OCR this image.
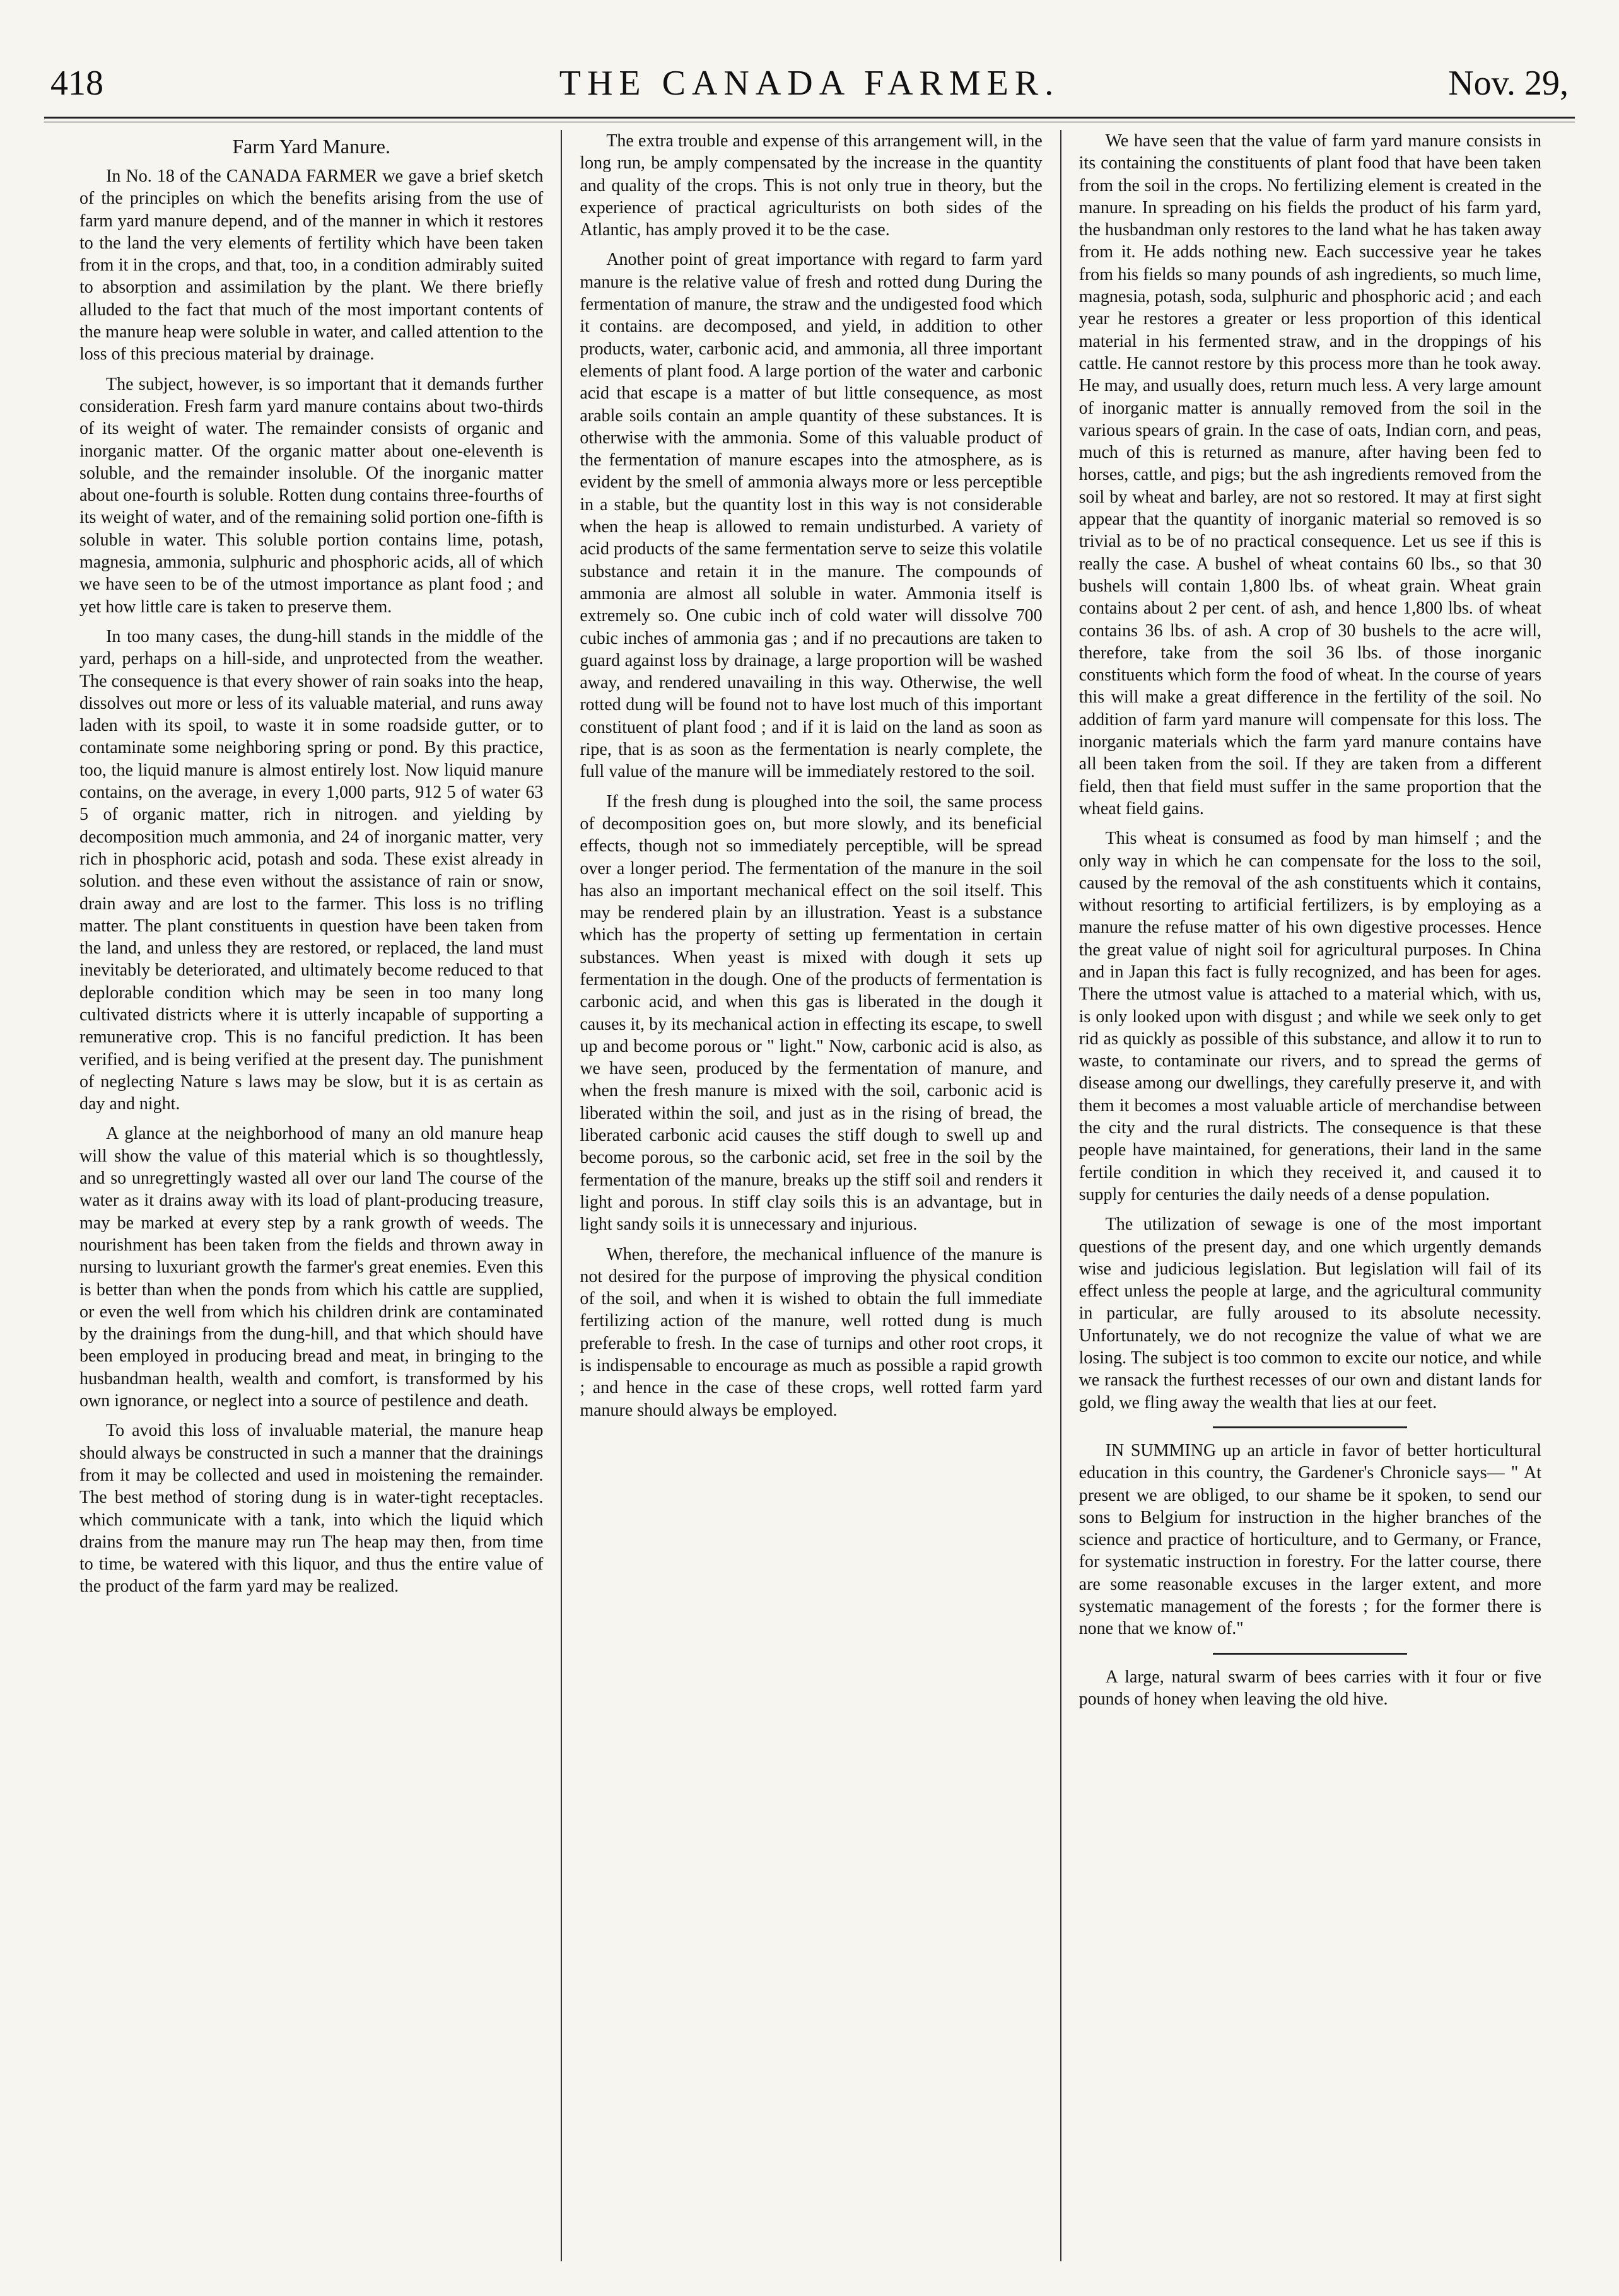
418	THE CANADA FARMER.	Nov. 29,
Farm Yard Manure.

In No. 18 of the CANADA FARMER we gave a brief sketch of the principles on which the benefits arising from the use of farm yard manure depend, and of the manner in which it restores to the land the very elements of fertility which have been taken from it in the crops, and that, too, in a condition admirably suited to absorption and assimilation by the plant. We there briefly alluded to the fact that much of the most important contents of the manure heap were soluble in water, and called attention to the loss of this precious material by drainage.

The subject, however, is so important that it demands further consideration. Fresh farm yard manure contains about two-thirds of its weight of water. The remainder consists of organic and inorganic matter. Of the organic matter about one-eleventh is soluble, and the remainder insoluble. Of the inorganic matter about one-fourth is soluble. Rotten dung contains three-fourths of its weight of water, and of the remaining solid portion one-fifth is soluble in water. This soluble portion contains lime, potash, magnesia, ammonia, sulphuric and phosphoric acids, all of which we have seen to be of the utmost importance as plant food ; and yet how little care is taken to preserve them.

In too many cases, the dung-hill stands in the middle of the yard, perhaps on a hill-side, and unprotected from the weather. The consequence is that every shower of rain soaks into the heap, dissolves out more or less of its valuable material, and runs away laden with its spoil, to waste it in some roadside gutter, or to contaminate some neighboring spring or pond. By this practice, too, the liquid manure is almost entirely lost. Now liquid manure contains, on the average, in every 1,000 parts, 912 5 of water 63 5 of organic matter, rich in nitrogen. and yielding by decomposition much ammonia, and 24 of inorganic matter, very rich in phosphoric acid, potash and soda. These exist already in solution. and these even without the assistance of rain or snow, drain away and are lost to the farmer. This loss is no trifling matter. The plant constituents in question have been taken from the land, and unless they are restored, or replaced, the land must inevitably be deteriorated, and ultimately become reduced to that deplorable condition which may be seen in too many long cultivated districts where it is utterly incapable of supporting a remunerative crop. This is no fanciful prediction. It has been verified, and is being verified at the present day. The punishment of neglecting Nature s laws may be slow, but it is as certain as day and night.

A glance at the neighborhood of many an old manure heap will show the value of this material which is so thoughtlessly, and so unregrettingly wasted all over our land The course of the water as it drains away with its load of plant-producing treasure, may be marked at every step by a rank growth of weeds. The nourishment has been taken from the fields and thrown away in nursing to luxuriant growth the farmer's great enemies. Even this is better than when the ponds from which his cattle are supplied, or even the well from which his children drink are contaminated by the drainings from the dung-hill, and that which should have been employed in producing bread and meat, in bringing to the husbandman health, wealth and comfort, is transformed by his own ignorance, or neglect into a source of pestilence and death.

To avoid this loss of invaluable material, the manure heap should always be constructed in such a manner that the drainings from it may be collected and used in moistening the remainder. The best method of storing dung is in water-tight receptacles. which communicate with a tank, into which the liquid which drains from the manure may run The heap may then, from time to time, be watered with this liquor, and thus the entire value of the product of the farm yard may be realized.

The extra trouble and expense of this arrangement will, in the long run, be amply compensated by the increase in the quantity and quality of the crops. This is not only true in theory, but the experience of practical agriculturists on both sides of the Atlantic, has amply proved it to be the case.

Another point of great importance with regard to farm yard manure is the relative value of fresh and rotted dung During the fermentation of manure, the straw and the undigested food which it contains. are decomposed, and yield, in addition to other products, water, carbonic acid, and ammonia, all three important elements of plant food. A large portion of the water and carbonic acid that escape is a matter of but little consequence, as most arable soils contain an ample quantity of these substances. It is otherwise with the ammonia. Some of this valuable product of the fermentation of manure escapes into the atmosphere, as is evident by the smell of ammonia always more or less perceptible in a stable, but the quantity lost in this way is not considerable when the heap is allowed to remain undisturbed. A variety of acid products of the same fermentation serve to seize this volatile substance and retain it in the manure. The compounds of ammonia are almost all soluble in water. Ammonia itself is extremely so. One cubic inch of cold water will dissolve 700 cubic inches of ammonia gas ; and if no precautions are taken to guard against loss by drainage, a large proportion will be washed away, and rendered unavailing in this way. Otherwise, the well rotted dung will be found not to have lost much of this important constituent of plant food ; and if it is laid on the land as soon as ripe, that is as soon as the fermentation is nearly complete, the full value of the manure will be immediately restored to the soil.

If the fresh dung is ploughed into the soil, the same process of decomposition goes on, but more slowly, and its beneficial effects, though not so immediately perceptible, will be spread over a longer period. The fermentation of the manure in the soil has also an important mechanical effect on the soil itself. This may be rendered plain by an illustration. Yeast is a substance which has the property of setting up fermentation in certain substances. When yeast is mixed with dough it sets up fermentation in the dough. One of the products of fermentation is carbonic acid, and when this gas is liberated in the dough it causes it, by its mechanical action in effecting its escape, to swell up and become porous or " light." Now, carbonic acid is also, as we have seen, produced by the fermentation of manure, and when the fresh manure is mixed with the soil, carbonic acid is liberated within the soil, and just as in the rising of bread, the liberated carbonic acid causes the stiff dough to swell up and become porous, so the carbonic acid, set free in the soil by the fermentation of the manure, breaks up the stiff soil and renders it light and porous. In stiff clay soils this is an advantage, but in light sandy soils it is unnecessary and injurious.

When, therefore, the mechanical influence of the manure is not desired for the purpose of improving the physical condition of the soil, and when it is wished to obtain the full immediate fertilizing action of the manure, well rotted dung is much preferable to fresh. In the case of turnips and other root crops, it is indispensable to encourage as much as possible a rapid growth ; and hence in the case of these crops, well rotted farm yard manure should always be employed.

We have seen that the value of farm yard manure consists in its containing the constituents of plant food that have been taken from the soil in the crops. No fertilizing element is created in the manure. In spreading on his fields the product of his farm yard, the husbandman only restores to the land what he has taken away from it. He adds nothing new. Each successive year he takes from his fields so many pounds of ash ingredients, so much lime, magnesia, potash, soda, sulphuric and phosphoric acid ; and each year he restores a greater or less proportion of this identical material in his fermented straw, and in the droppings of his cattle. He cannot restore by this process more than he took away. He may, and usually does, return much less. A very large amount of inorganic matter is annually removed from the soil in the various spears of grain. In the case of oats, Indian corn, and peas, much of this is returned as manure, after having been fed to horses, cattle, and pigs; but the ash ingredients removed from the soil by wheat and barley, are not so restored. It may at first sight appear that the quantity of inorganic material so removed is so trivial as to be of no practical consequence. Let us see if this is really the case. A bushel of wheat contains 60 lbs., so that 30 bushels will contain 1,800 lbs. of wheat grain. Wheat grain contains about 2 per cent. of ash, and hence 1,800 lbs. of wheat contains 36 lbs. of ash. A crop of 30 bushels to the acre will, therefore, take from the soil 36 lbs. of those inorganic constituents which form the food of wheat. In the course of years this will make a great difference in the fertility of the soil. No addition of farm yard manure will compensate for this loss. The inorganic materials which the farm yard manure contains have all been taken from the soil. If they are taken from a different field, then that field must suffer in the same proportion that the wheat field gains.

This wheat is consumed as food by man himself ; and the only way in which he can compensate for the loss to the soil, caused by the removal of the ash constituents which it contains, without resorting to artificial fertilizers, is by employing as a manure the refuse matter of his own digestive processes. Hence the great value of night soil for agricultural purposes. In China and in Japan this fact is fully recognized, and has been for ages. There the utmost value is attached to a material which, with us, is only looked upon with disgust ; and while we seek only to get rid as quickly as possible of this substance, and allow it to run to waste, to contaminate our rivers, and to spread the germs of disease among our dwellings, they carefully preserve it, and with them it becomes a most valuable article of merchandise between the city and the rural districts. The consequence is that these people have maintained, for generations, their land in the same fertile condition in which they received it, and caused it to supply for centuries the daily needs of a dense population.

The utilization of sewage is one of the most important questions of the present day, and one which urgently demands wise and judicious legislation. But legislation will fail of its effect unless the people at large, and the agricultural community in particular, are fully aroused to its absolute necessity. Unfortunately, we do not recognize the value of what we are losing. The subject is too common to excite our notice, and while we ransack the furthest recesses of our own and distant lands for gold, we fling away the wealth that lies at our feet.

IN SUMMING up an article in favor of better horticultural education in this country, the Gardener's Chronicle says— " At present we are obliged, to our shame be it spoken, to send our sons to Belgium for instruction in the higher branches of the science and practice of horticulture, and to Germany, or France, for systematic instruction in forestry. For the latter course, there are some reasonable excuses in the larger extent, and more systematic management of the forests ; for the former there is none that we know of."

A large, natural swarm of bees carries with it four or five pounds of honey when leaving the old hive.
